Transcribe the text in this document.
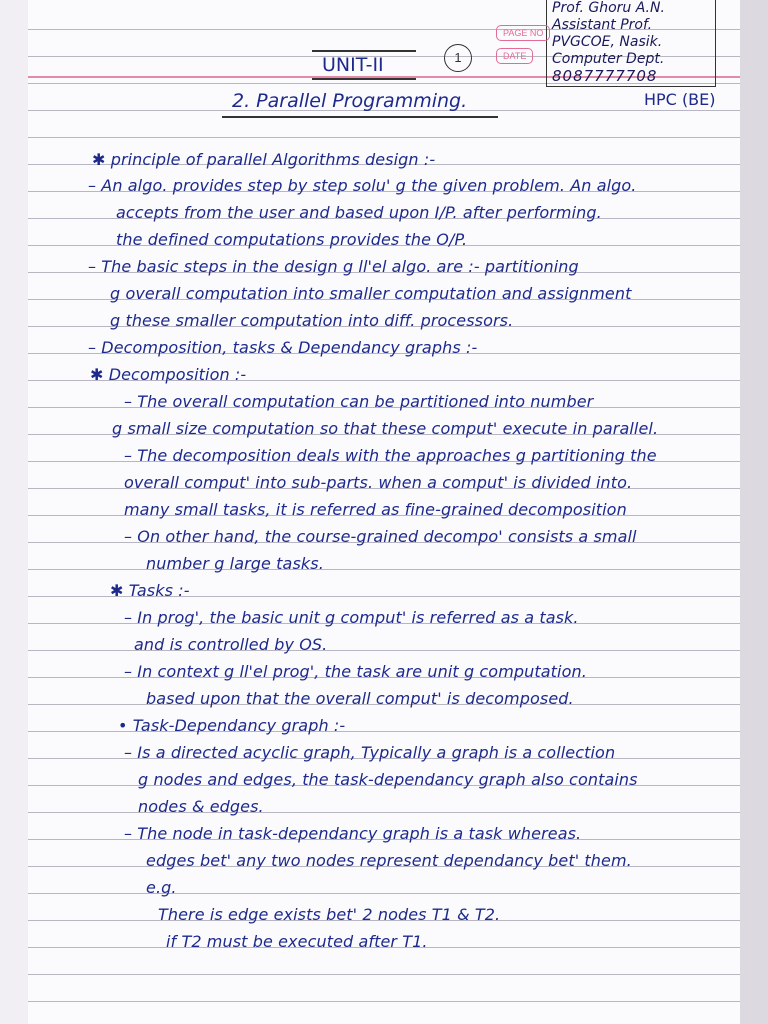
Prof. Ghoru A.N.
Assistant Prof.
PVGCOE, Nasik.
Computer Dept.
8087777708
PAGE NO
DATE
UNIT-II	1
2. Parallel Programming.	HPC (BE)
✱ principle of parallel Algorithms design :-
– An algo. provides step by step solu' g the given problem. An algo.
accepts from the user and based upon I/P. after performing.
the defined computations provides the O/P.
– The basic steps in the design g ll'el algo. are :- partitioning
g overall computation into smaller computation and assignment
g these smaller computation into diff. processors.
– Decomposition, tasks & Dependancy graphs :-
✱ Decomposition :-
– The overall computation can be partitioned into number
g small size computation so that these comput' execute in parallel.
– The decomposition deals with the approaches g partitioning the
overall comput' into sub-parts. when a comput' is divided into.
many small tasks, it is referred as fine-grained decomposition
– On other hand, the course-grained decompo' consists a small
number g large tasks.
✱ Tasks :-
– In prog', the basic unit g comput' is referred as a task.
and is controlled by OS.
– In context g ll'el prog', the task are unit g computation.
based upon that the overall comput' is decomposed.
• Task-Dependancy graph :-
– Is a directed acyclic graph, Typically a graph is a collection
g nodes and edges, the task-dependancy graph also contains
nodes & edges.
– The node in task-dependancy graph is a task whereas.
edges bet' any two nodes represent dependancy bet' them.
e.g.
There is edge exists bet' 2 nodes T1 & T2.
if T2 must be executed after T1.
